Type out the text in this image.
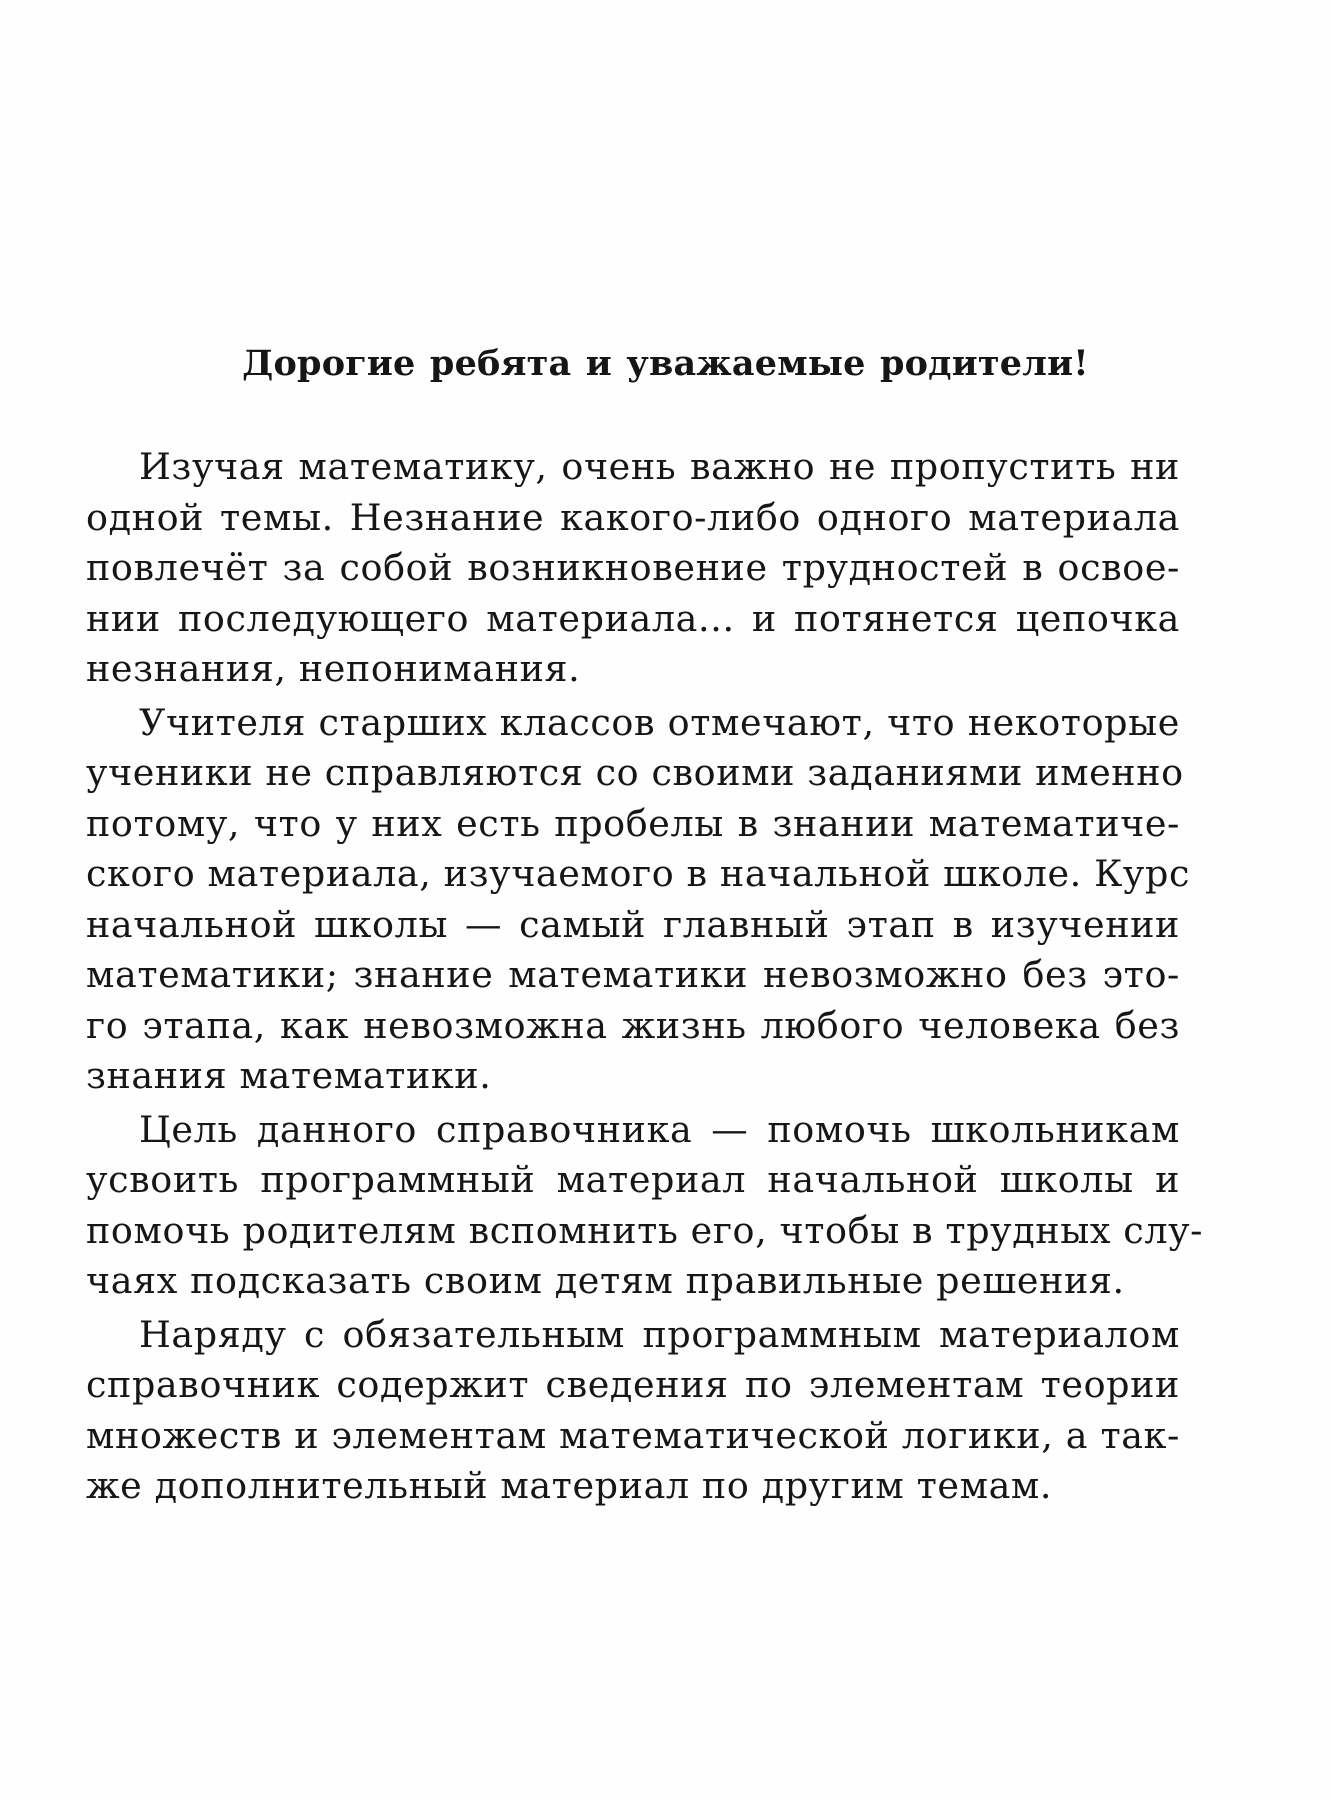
Дорогие ребята и уважаемые родители!
Изучая математику, очень важно не пропустить ни
одной темы. Незнание какого-либо одного материала
повлечёт за собой возникновение трудностей в освое-
нии последующего материала... и потянется цепочка
незнания, непонимания.
Учителя старших классов отмечают, что некоторые
ученики не справляются со своими заданиями именно
потому, что у них есть пробелы в знании математиче-
ского материала, изучаемого в начальной школе. Курс
начальной школы — самый главный этап в изучении
математики; знание математики невозможно без это-
го этапа, как невозможна жизнь любого человека без
знания математики.
Цель данного справочника — помочь школьникам
усвоить программный материал начальной школы и
помочь родителям вспомнить его, чтобы в трудных слу-
чаях подсказать своим детям правильные решения.
Наряду с обязательным программным материалом
справочник содержит сведения по элементам теории
множеств и элементам математической логики, а так-
же дополнительный материал по другим темам.
